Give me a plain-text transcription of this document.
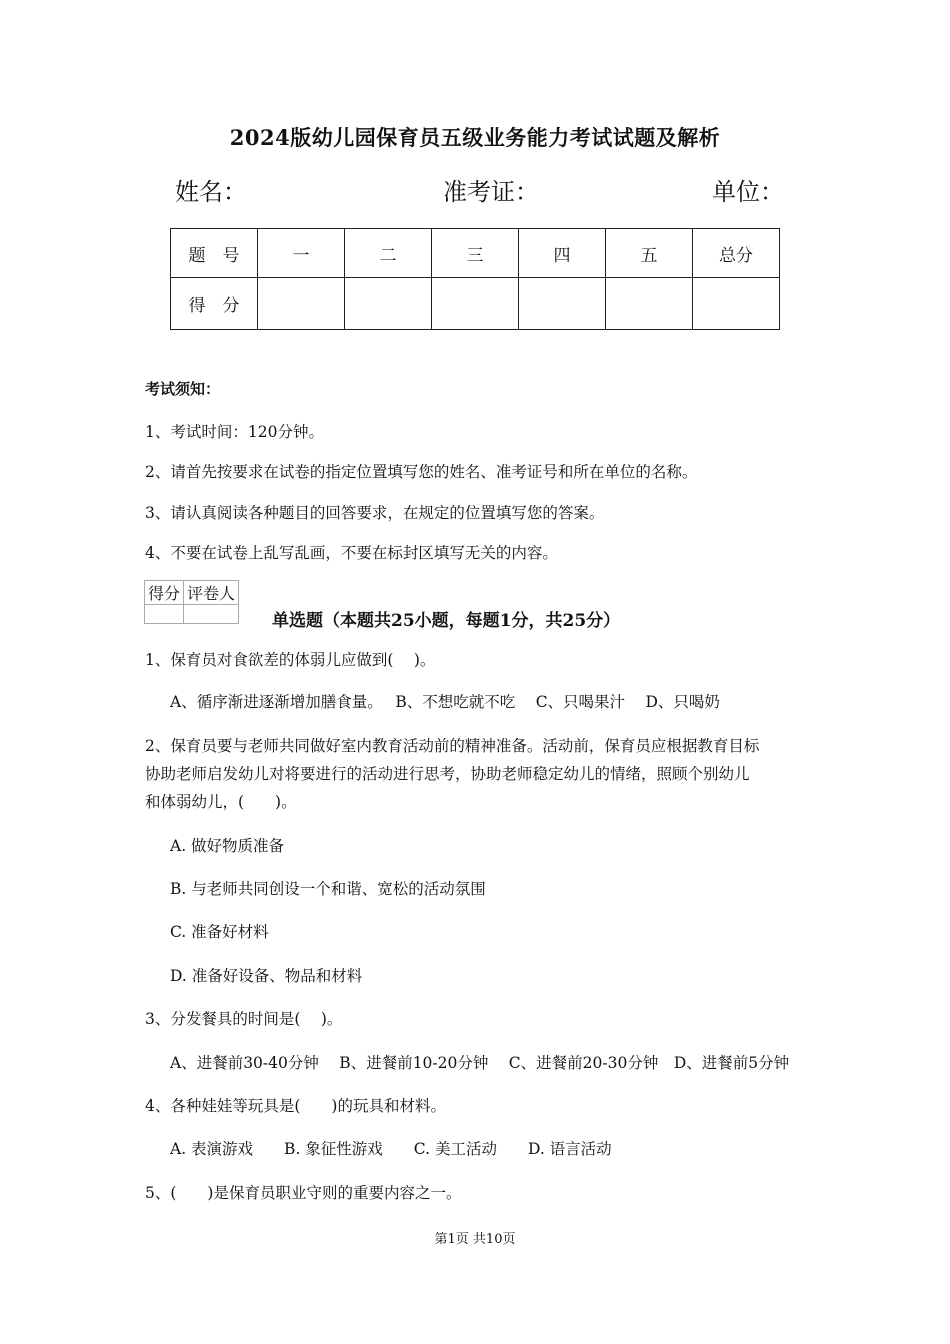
2024版幼儿园保育员五级业务能力考试试题及解析
姓名：	准考证：	单位：
题　号	一	二	三	四	五	总分
得　分						
考试须知：
1、考试时间：120分钟。
2、请首先按要求在试卷的指定位置填写您的姓名、准考证号和所在单位的名称。
3、请认真阅读各种题目的回答要求，在规定的位置填写您的答案。
4、不要在试卷上乱写乱画，不要在标封区填写无关的内容。
得分	评卷人

单选题（本题共25小题，每题1分，共25分）
1、保育员对食欲差的体弱儿应做到(　 )。
A、循序渐进逐渐增加膳食量。　 B、不想吃就不吃　 C、只喝果汁　 D、只喝奶
2、保育员要与老师共同做好室内教育活动前的精神准备。活动前，保育员应根据教育目标
协助老师启发幼儿对将要进行的活动进行思考，协助老师稳定幼儿的情绪，照顾个别幼儿
和体弱幼儿，(　　)。
A. 做好物质准备
B. 与老师共同创设一个和谐、宽松的活动氛围
C. 准备好材料
D. 准备好设备、物品和材料
3、分发餐具的时间是(　 )。
A、进餐前30-40分钟　 B、进餐前10-20分钟　 C、进餐前20-30分钟　D、进餐前5分钟
4、各种娃娃等玩具是(　　)的玩具和材料。
A. 表演游戏　　B. 象征性游戏　　C. 美工活动　　D. 语言活动
5、(　　)是保育员职业守则的重要内容之一。
第1页 共10页
